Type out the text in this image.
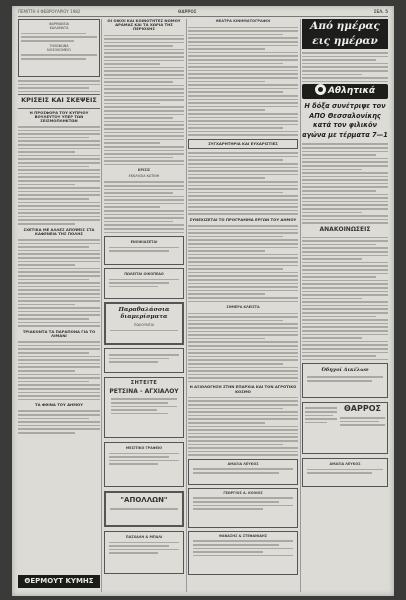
ΠΕΜΠΤΗ 4 ΦΕΒΡΟΥΑΡΙΟΥ 1982	ΘΑΡΡΟΣ	ΣΕΛ. 5
ΦΑΡΜΑΚΕΙΑ
ΚΑΛΑΜΑΤΑ
ΤΗΛΕΦΩΝΑ
ΝΟΣΟΚΟΜΕΙΟ
ΚΡΙΣΕΙΣ ΚΑΙ ΣΚΕΨΕΙΣ
Η ΠΡΟΣΦΟΡΑ ΤΟΥ ΚΥΠΡΙΟΥ ΒΟΥΛΕΥΤΟΥ ΥΠΕΡ ΤΩΝ ΣΕΙΣΜΟΠΛΗΚΤΩΝ
ΣΧΕΤΙΚΑ ΜΕ ΑΛΛΕΣ ΑΠΟΨΕΙΣ ΣΤΑ ΚΑΦΕΝΕΙΑ ΤΗΣ ΠΟΛΗΣ
ΤΡΙΑΚΟΝΤΑ ΤΑ ΠΑΡΑΠΟΝΑ ΓΙΑ ΤΟ ΛΙΜΑΝΙ
ΤΑ ΦΘΙΝΑ ΤΟΥ ΔΗΜΟΥ
ΘΕΡΜΟΥΤ ΚΥΜΗΣ
ΟΙ ΟΙΚΟΙ ΚΑΙ ΚΟΙΝΟΤΗΤΕΣ ΝΟΜΟΥ ΔΡΑΜΑΣ ΚΑΙ ΤΑ ΧΩΡΙΑ ΤΗΣ ΠΕΡΙΟΧΗΣ
ΚΡΙΣΙΣ
ΕΚΚΛΗΣΙΑ ΚΑΤΙΝΗ
ΕΝΟΙΚΙΑΖΕΤΑΙ
ΠΩΛΕΙΤΑΙ ΟΙΚΟΠΕΔΟ
Παραθαλάσσια διαμερίσματα
ΠΩΛΟΥΝΤΑΙ
ΣΗΤΕΙΤΕ
ΡΕΤΣΙΝΑ - ΑΓΧΙΑΛΟΥ
ΜΕΣΙΤΙΚΟ ΓΡΑΦΕΙΟ
"ΑΠΟΛΛΩΝ"
ΠΑΣΧΑΛΗ & ΜΠΑΛΙ
ΘΕΑΤΡΑ ΚΙΝΗΜΑΤΟΓΡΑΦΟΙ
ΣΥΓΧΑΡΗΤΗΡΙΑ ΚΑΙ ΕΥΧΑΡΙΣΤΙΕΣ
ΣΥΝΕΧΙΖΕΤΑΙ ΤΟ ΠΡΟΓΡΑΜΜΑ ΕΡΓΩΝ ΤΟΥ ΔΗΜΟΥ
ΣΗΜΕΡΑ ΚΛΕΙΣΤΑ
Η ΑΞΙΟΛΟΓΗΣΗ ΣΤΗΝ ΕΠΑΡΧΙΑ ΚΑΙ ΤΟΝ ΑΓΡΟΤΙΚΟ ΚΟΣΜΟ
ΑΜΑΞΙΑ ΛΕΥΚΟΣ
ΓΕΩΡΓΙΟΣ Α. ΚΟΛΙΟΣ
ΘΑΝΑΣΗΣ & ΣΤΕΦΑΝΙΔΗΣ
Από ημέρας εις ημέραν
Αθλητικά
Η δόξα συνέτριψε τον ΑΠΟ Θεσσαλονίκης κατά τον φιλικόν αγώνα με τέρματα 7—1
ΑΝΑΚΟΙΝΩΣΕΙΣ
Όδηγοί Δικέλων
ΘΑΡΡΟΣ
ΑΜΑΞΙΑ ΛΕΥΚΟΣ
